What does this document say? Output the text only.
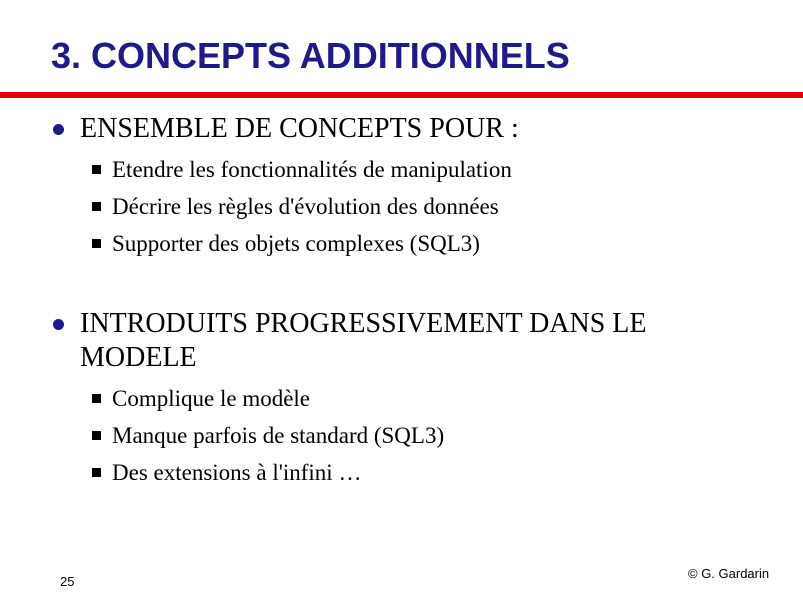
3. CONCEPTS ADDITIONNELS
ENSEMBLE DE CONCEPTS POUR :
Etendre les fonctionnalités de manipulation
Décrire les règles d'évolution des données
Supporter des objets complexes (SQL3)
INTRODUITS PROGRESSIVEMENT DANS LE MODELE
Complique le modèle
Manque parfois de standard (SQL3)
Des extensions à l'infini …
25
© G. Gardarin
